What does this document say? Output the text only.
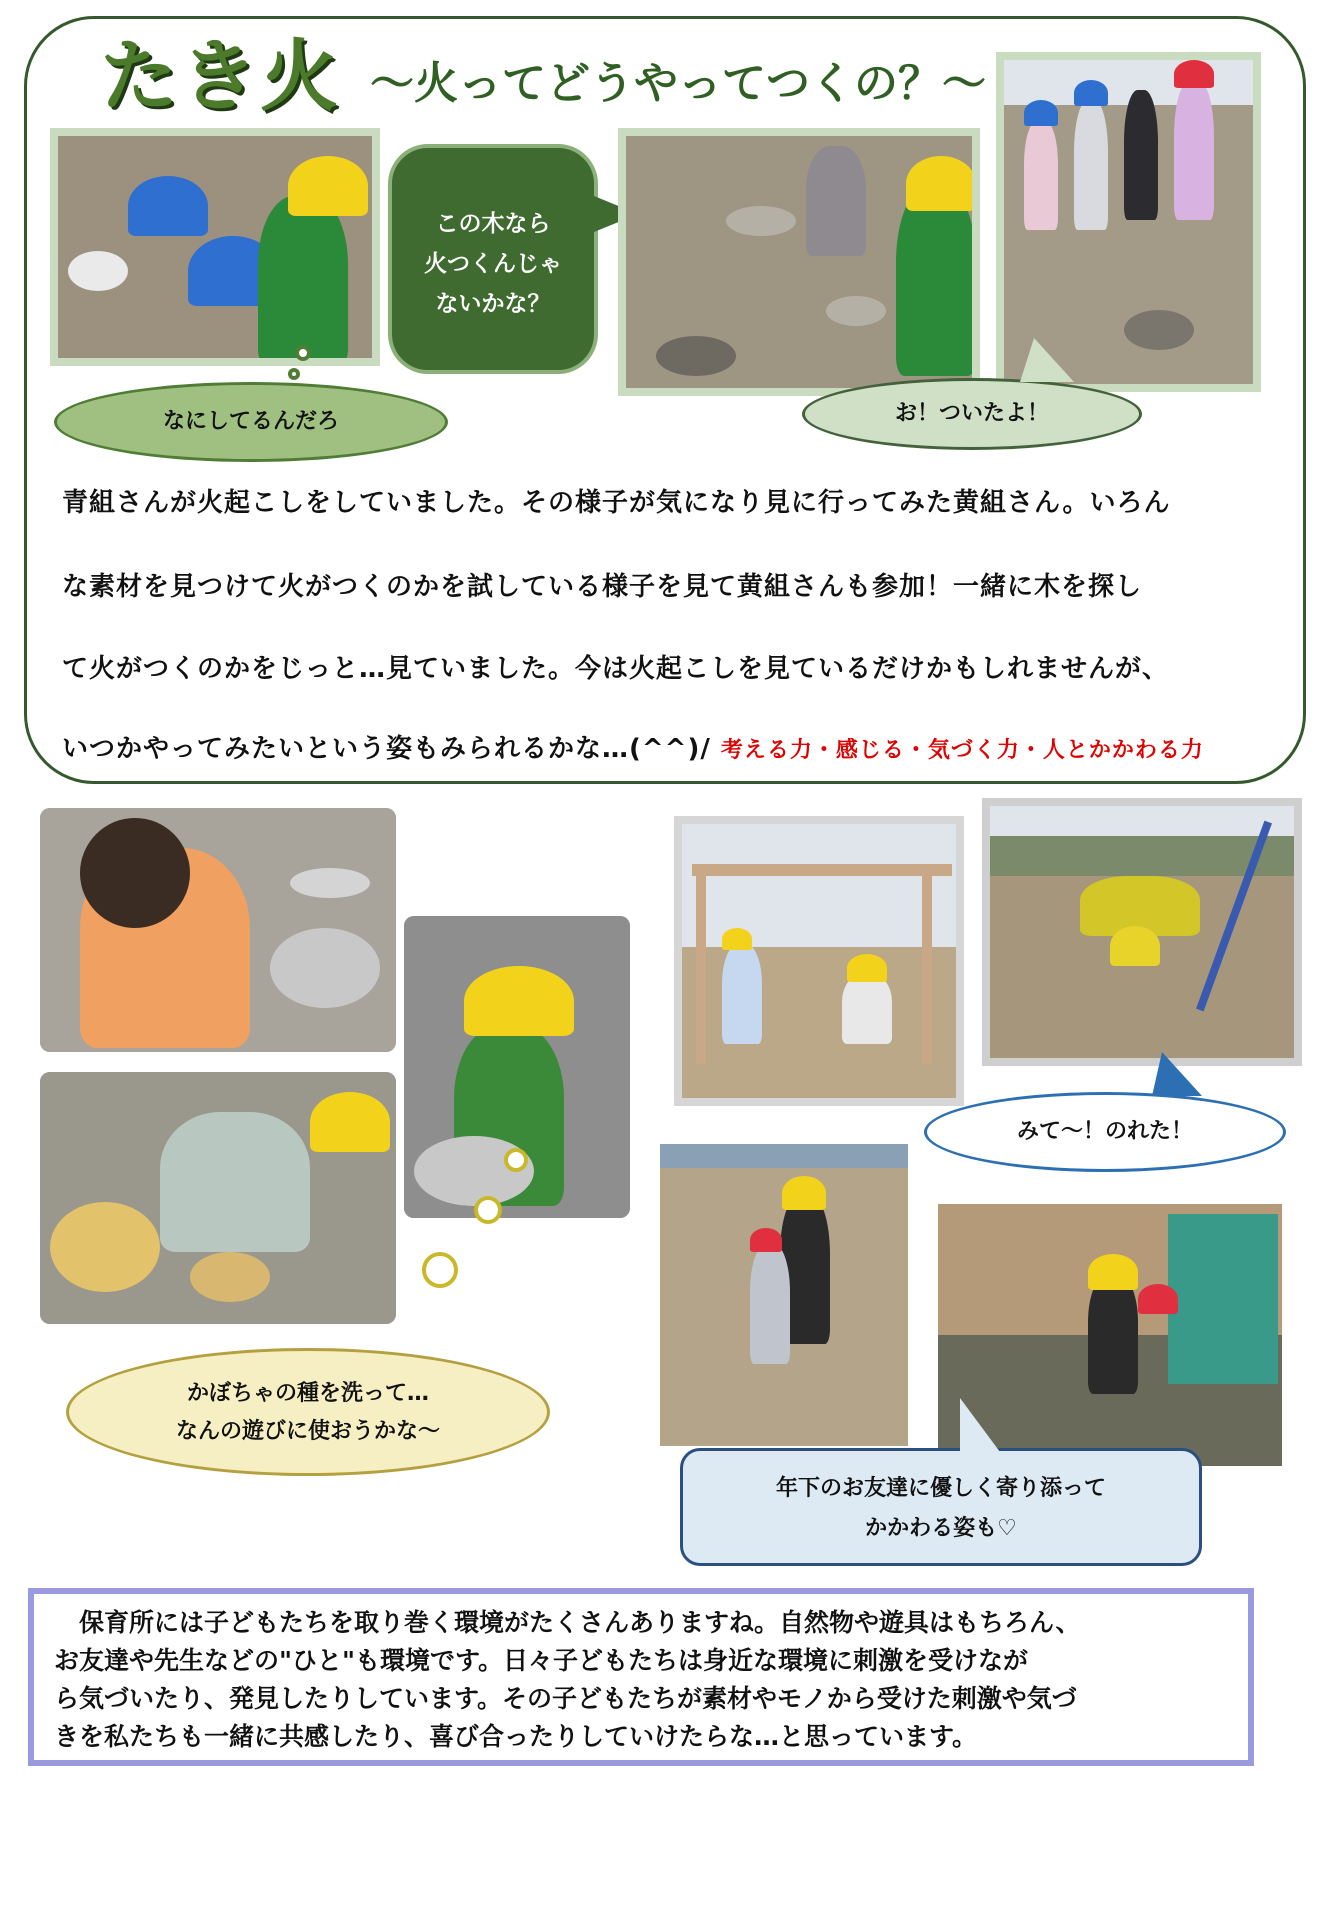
たき火 ～火ってどうやってつくの？～
この木なら
火つくんじゃ
ないかな？
なにしてるんだろ	お！ついたよ！
青組さんが火起こしをしていました。その様子が気になり見に行ってみた黄組さん。いろん
な素材を見つけて火がつくのかを試している様子を見て黄組さんも参加！一緒に木を探し
て火がつくのかをじっと…見ていました。今は火起こしを見ているだけかもしれませんが、
いつかやってみたいという姿もみられるかな…(^^)/ 考える力・感じる・気づく力・人とかかわる力
かぼちゃの種を洗って…
なんの遊びに使おうかな～
みて～！のれた！
年下のお友達に優しく寄り添って
かかわる姿も♡
　保育所には子どもたちを取り巻く環境がたくさんありますね。自然物や遊具はもちろん、
お友達や先生などの"ひと"も環境です。日々子どもたちは身近な環境に刺激を受けなが
ら気づいたり、発見したりしています。その子どもたちが素材やモノから受けた刺激や気づ
きを私たちも一緒に共感したり、喜び合ったりしていけたらな…と思っています。
